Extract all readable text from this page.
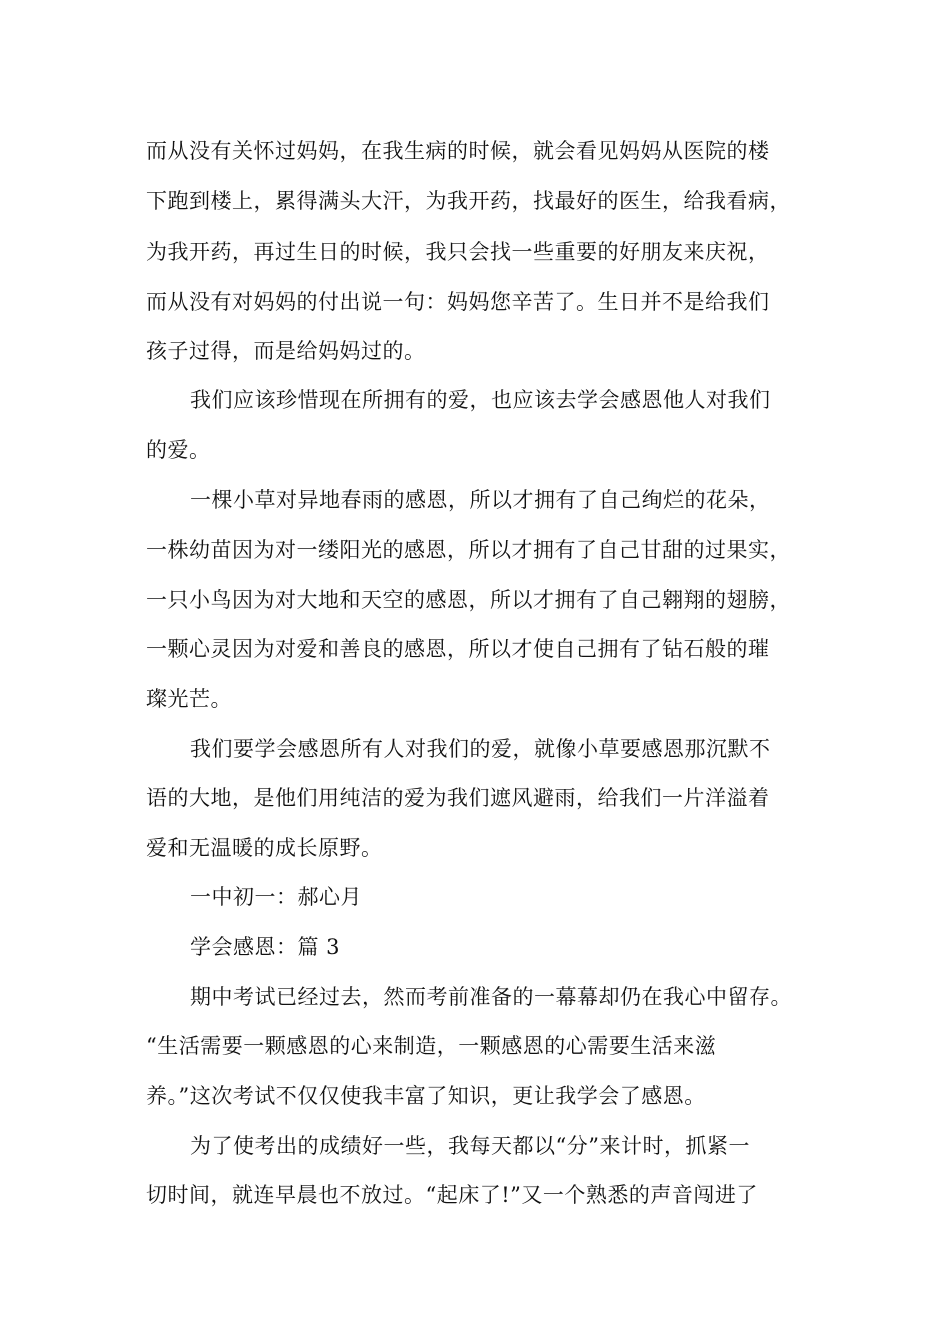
而从没有关怀过妈妈，在我生病的时候，就会看见妈妈从医院的楼
下跑到楼上，累得满头大汗，为我开药，找最好的医生，给我看病，
为我开药，再过生日的时候，我只会找一些重要的好朋友来庆祝，
而从没有对妈妈的付出说一句：妈妈您辛苦了。生日并不是给我们
孩子过得，而是给妈妈过的。
我们应该珍惜现在所拥有的爱，也应该去学会感恩他人对我们
的爱。
一棵小草对异地春雨的感恩，所以才拥有了自己绚烂的花朵，
一株幼苗因为对一缕阳光的感恩，所以才拥有了自己甘甜的过果实，
一只小鸟因为对大地和天空的感恩，所以才拥有了自己翱翔的翅膀，
一颗心灵因为对爱和善良的感恩，所以才使自己拥有了钻石般的璀
璨光芒。
我们要学会感恩所有人对我们的爱，就像小草要感恩那沉默不
语的大地，是他们用纯洁的爱为我们遮风避雨，给我们一片洋溢着
爱和无温暖的成长原野。
一中初一：郝心月
学会感恩：篇 3
期中考试已经过去，然而考前准备的一幕幕却仍在我心中留存。
“生活需要一颗感恩的心来制造，一颗感恩的心需要生活来滋
养。”这次考试不仅仅使我丰富了知识，更让我学会了感恩。
为了使考出的成绩好一些，我每天都以“分”来计时，抓紧一
切时间，就连早晨也不放过。“起床了!”又一个熟悉的声音闯进了
